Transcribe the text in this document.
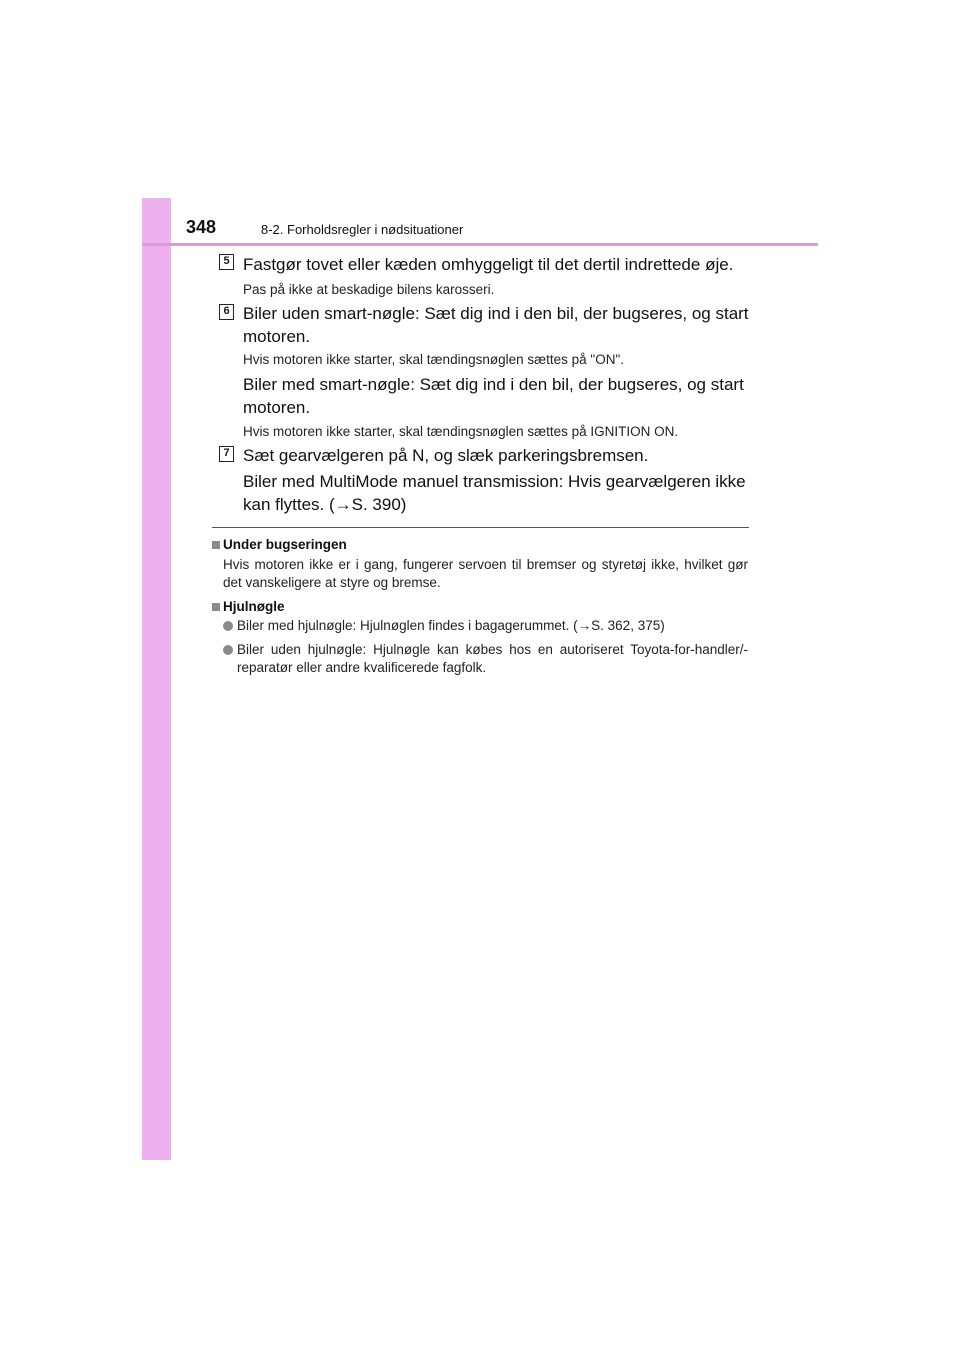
348	8-2. Forholdsregler i nødsituationer
5 Fastgør tovet eller kæden omhyggeligt til det dertil indrettede øje.
Pas på ikke at beskadige bilens karosseri.
6 Biler uden smart-nøgle: Sæt dig ind i den bil, der bugseres, og start motoren.
Hvis motoren ikke starter, skal tændingsnøglen sættes på "ON".
Biler med smart-nøgle: Sæt dig ind i den bil, der bugseres, og start motoren.
Hvis motoren ikke starter, skal tændingsnøglen sættes på IGNITION ON.
7 Sæt gearvælgeren på N, og slæk parkeringsbremsen.
Biler med MultiMode manuel transmission: Hvis gearvælgeren ikke kan flyttes. (→S. 390)
Under bugseringen
Hvis motoren ikke er i gang, fungerer servoen til bremser og styretøj ikke, hvilket gør det vanskeligere at styre og bremse.
Hjulnøgle
Biler med hjulnøgle: Hjulnøglen findes i bagagerummet. (→S. 362, 375)
Biler uden hjulnøgle: Hjulnøgle kan købes hos en autoriseret Toyota-for-handler/-reparatør eller andre kvalificerede fagfolk.
